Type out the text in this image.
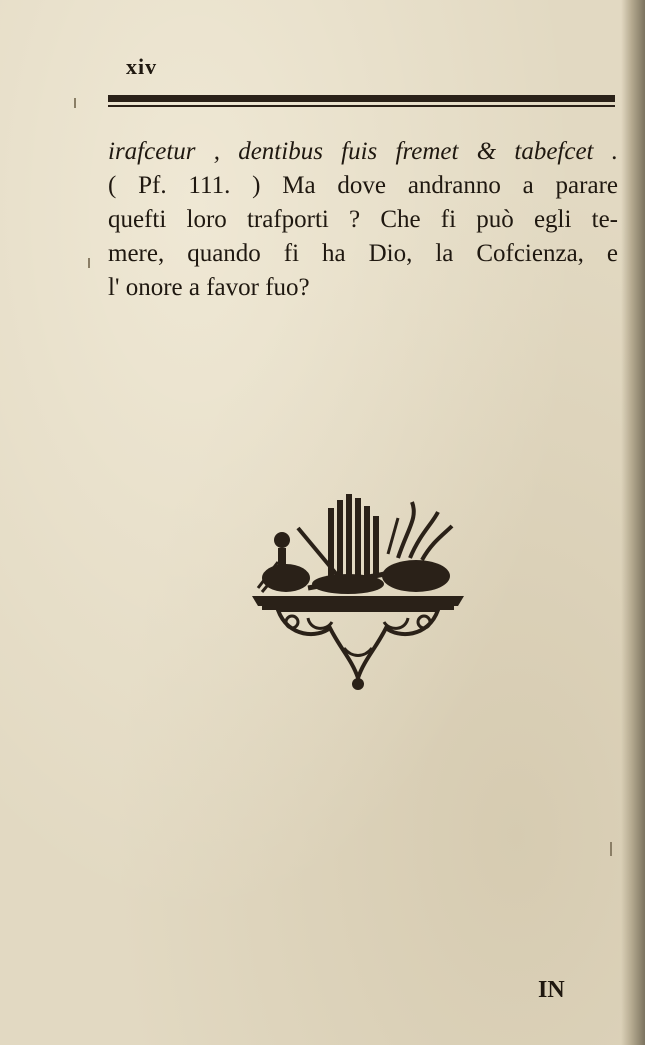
xiv
irafcetur , dentibus fuis fremet & tabefcet .
( Pf. 111. ) Ma dove andranno a parare
quefti loro trafporti ? Che fi può egli te-
mere, quando fi ha Dio, la Cofcienza, e
l' onore a favor fuo?
IN
